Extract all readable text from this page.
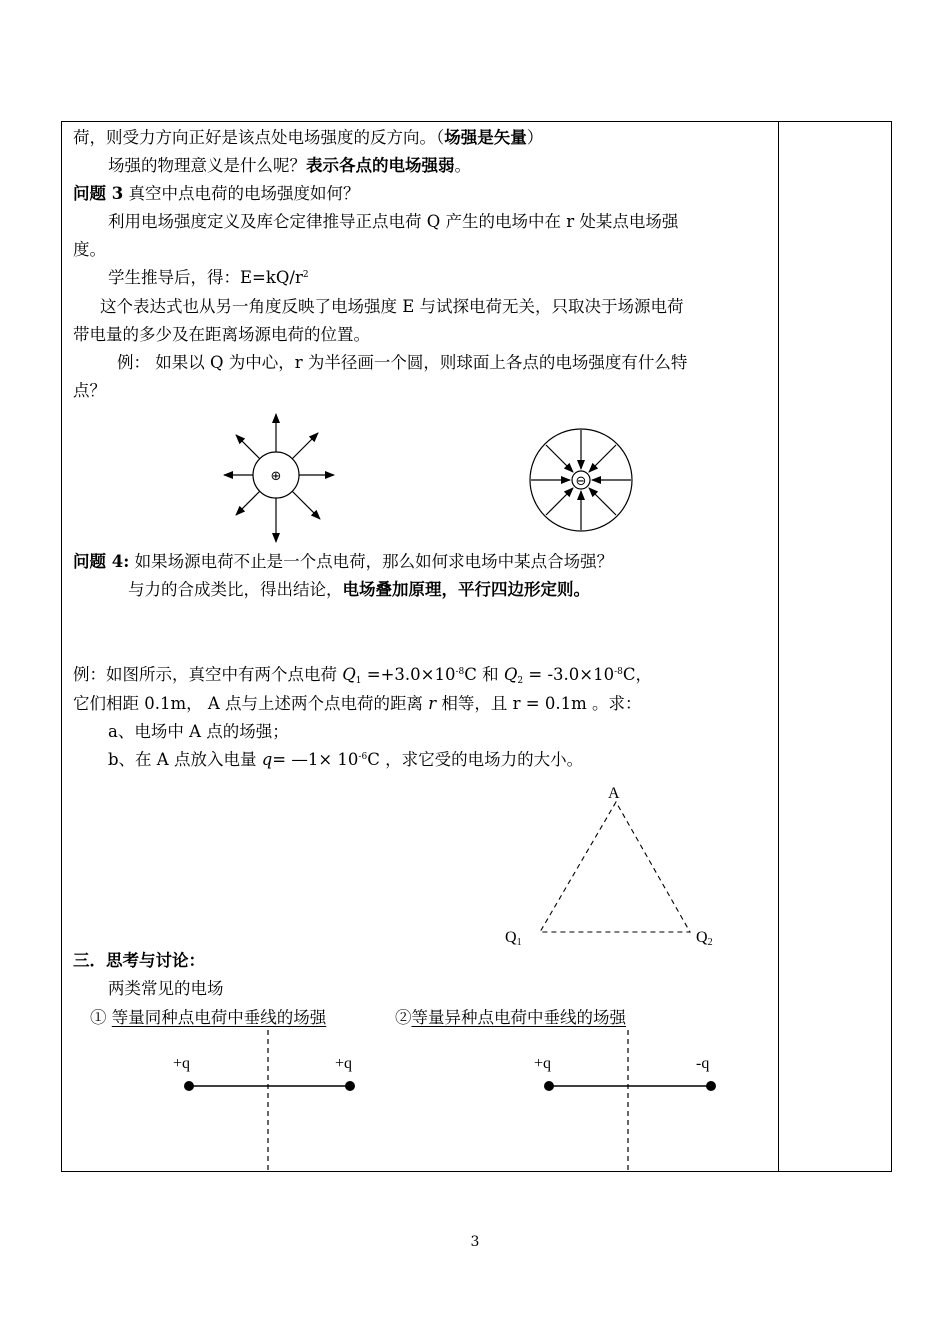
荷，则受力方向正好是该点处电场强度的反方向。（场强是矢量）
场强的物理意义是什么呢？表示各点的电场强弱。
问题 3 真空中点电荷的电场强度如何？
利用电场强度定义及库仑定律推导正点电荷 Q 产生的电场中在 r 处某点电场强
度。
学生推导后，得：$E=kQ/r^2$
这个表达式也从另一角度反映了电场强度 E 与试探电荷无关，只取决于场源电荷
带电量的多少及在距离场源电荷的位置。
例： 如果以 Q 为中心，r 为半径画一个圆，则球面上各点的电场强度有什么特
点？
⊕	⊖
问题 4: 如果场源电荷不止是一个点电荷，那么如何求电场中某点合场强？
与力的合成类比，得出结论，电场叠加原理，平行四边形定则。
例：如图所示，真空中有两个点电荷 $Q_1 =+3.0\times 10^{-8}C$ 和 $Q_2 = -3.0\times 10^{-8}C$，
它们相距 0.1m， A 点与上述两个点电荷的距离 r 相等，且 r = 0.1m 。求：
a、电场中 A 点的场强；
b、在 A 点放入电量 q= —1× $10^{-6}C$ ，求它受的电场力的大小。
A
Q1	Q2
三．思考与讨论：
两类常见的电场
① 等量同种点电荷中垂线的场强	②等量异种点电荷中垂线的场强
+q	+q	+q	-q
3
